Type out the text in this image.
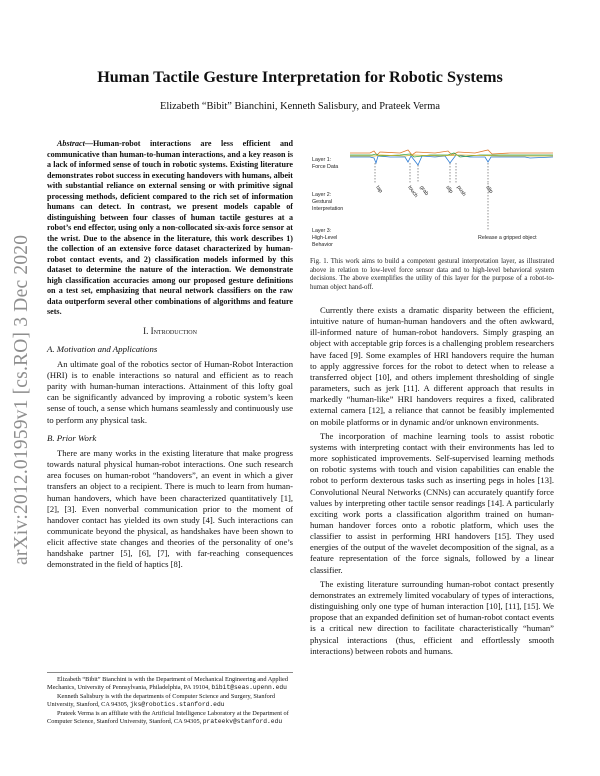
arXiv:2012.01959v1 [cs.RO] 3 Dec 2020
Human Tactile Gesture Interpretation for Robotic Systems
Elizabeth “Bibit” Bianchini, Kenneth Salisbury, and Prateek Verma

Abstract—Human-robot interactions are less efficient and communicative than human-to-human interactions, and a key reason is a lack of informed sense of touch in robotic systems. Existing literature demonstrates robot success in executing handovers with humans, albeit with substantial reliance on external sensing or with primitive signal processing methods, deficient compared to the rich set of information humans can detect. In contrast, we present models capable of distinguishing between four classes of human tactile gestures at a robot’s end effector, using only a non-collocated six-axis force sensor at the wrist. Due to the absence in the literature, this work describes 1) the collection of an extensive force dataset characterized by human-robot contact events, and 2) classification models informed by this dataset to determine the nature of the interaction. We demonstrate high classification accuracies among our proposed gesture definitions on a test set, emphasizing that neural network classifiers on the raw data outperform several other combinations of algorithms and feature sets.

I. Introduction
A. Motivation and Applications

An ultimate goal of the robotics sector of Human-Robot Interaction (HRI) is to enable interactions so natural and efficient as to reach parity with human-human interactions. Attainment of this lofty goal can be significantly advanced by improving a robotic system’s keen sense of touch, a sense which humans seamlessly and continuously use to perform any physical task.

B. Prior Work

There are many works in the existing literature that make progress towards natural physical human-robot interactions. One such research area focuses on human-robot “handovers”, an event in which a giver transfers an object to a recipient. There is much to learn from human-human handovers, which have been characterized quantitatively [1], [2], [3]. Even nonverbal communication prior to the moment of handover contact has yielded its own study [4]. Such interactions can communicate beyond the physical, as handshakes have been shown to elicit affective state changes and theories of the personality of one’s handshake partner [5], [6], [7], with far-reaching consequences demonstrated in the field of haptics [8].

Elizabeth “Bibit” Bianchini is with the Department of Mechanical Engineering and Applied Mechanics, University of Pennsylvania, Philadelphia, PA 19104, bibit@seas.upenn.edu

Kenneth Salisbury is with the departments of Computer Science and Surgery, Stanford University, Stanford, CA 94305, jks@robotics.stanford.edu

Prateek Verma is an affiliate with the Artificial Intelligence Laboratory at the Department of Computer Science, Stanford University, Stanford, CA 94305, prateekv@stanford.edu

Layer 1:
Force Data
Layer 2:
Gestural
Interpretation
Layer 3:
High-Level
Behavior
tap	touch grab	slip push	slip
Release a gripped object
Fig. 1. This work aims to build a competent gestural interpretation layer, as illustrated above in relation to low-level force sensor data and to high-level behavioral system decisions. The above exemplifies the utility of this layer for the purpose of a robot-to-human object hand-off.

Currently there exists a dramatic disparity between the efficient, intuitive nature of human-human handovers and the often awkward, ill-informed nature of human-robot handovers. Simply grasping an object with acceptable grip forces is a challenging problem researchers have faced [9]. Some examples of HRI handovers require the human to apply aggressive forces for the robot to detect when to release a transferred object [10], and others implement thresholding of single parameters, such as jerk [11]. A different approach that results in markedly “human-like” HRI handovers requires a fixed, calibrated external camera [12], a reliance that cannot be feasibly implemented on mobile platforms or in dynamic and/or unknown environments.

The incorporation of machine learning tools to assist robotic systems with interpreting contact with their environments has led to more sophisticated improvements. Self-supervised learning methods on robotic systems with touch and vision capabilities can enable the robot to perform dexterous tasks such as inserting pegs in holes [13]. Convolutional Neural Networks (CNNs) can accurately quantify force values by interpreting other tactile sensor readings [14]. A particularly exciting work ports a classification algorithm trained on human-human handover forces onto a robotic platform, which uses the classifier to assist in performing HRI handovers [15]. They used energies of the output of the wavelet decomposition of the signal, as a feature representation of the force signals, followed by a linear classifier.

The existing literature surrounding human-robot contact presently demonstrates an extremely limited vocabulary of types of interactions, distinguishing only one type of human interaction [10], [11], [15]. We propose that an expanded definition set of human-robot contact events is a critical new direction to facilitate characteristically “human” physical interactions (thus, efficient and effortlessly smooth interactions) between robots and humans.
